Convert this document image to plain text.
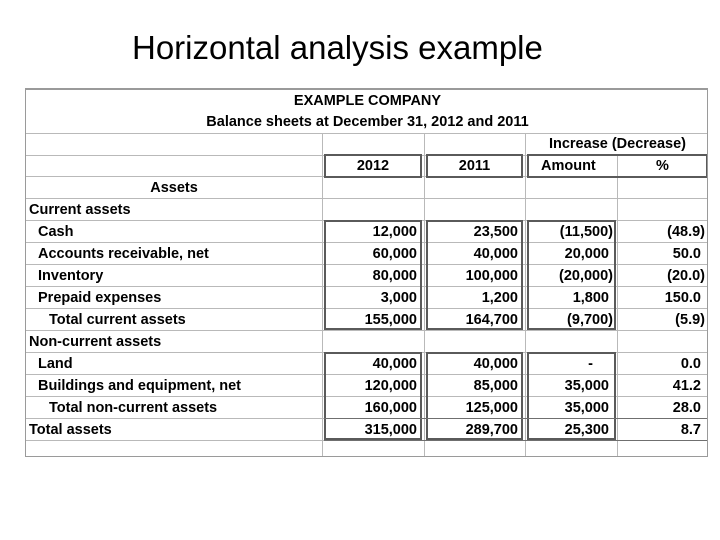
Horizontal analysis example
EXAMPLE COMPANY
Balance sheets at December 31, 2012 and 2011
Increase (Decrease)
2012	2011	Amount	%
Assets
Current assets
Cash	12,000	23,500	(11,500)	(48.9)
Accounts receivable, net	60,000	40,000	20,000	50.0
Inventory	80,000	100,000	(20,000)	(20.0)
Prepaid expenses	3,000	1,200	1,800	150.0
Total current assets	155,000	164,700	(9,700)	(5.9)
Non-current assets
Land	40,000	40,000	-	0.0
Buildings and equipment, net	120,000	85,000	35,000	41.2
Total non-current assets	160,000	125,000	35,000	28.0
Total assets	315,000	289,700	25,300	8.7
